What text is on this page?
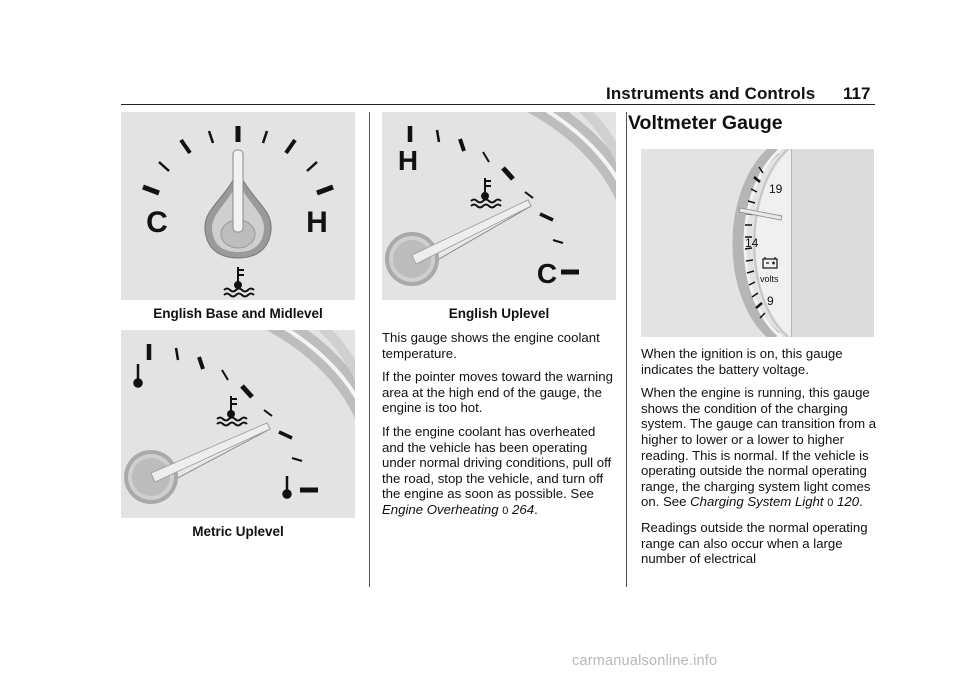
Instruments and Controls 117
C	H
English Base and Midlevel
Metric Uplevel
H
C
English Uplevel

This gauge shows the engine coolant temperature.

If the pointer moves toward the warning area at the high end of the gauge, the engine is too hot.

If the engine coolant has overheated and the vehicle has been operating under normal driving conditions, pull off the road, stop the vehicle, and turn off the engine as soon as possible. See Engine Overheating 0 264.

Voltmeter Gauge
19
14
9
volts

When the ignition is on, this gauge indicates the battery voltage.

When the engine is running, this gauge shows the condition of the charging system. The gauge can transition from a higher to lower or a lower to higher reading. This is normal. If the vehicle is operating outside the normal operating range, the charging system light comes on. See Charging System Light 0 120.

Readings outside the normal operating range can also occur when a large number of electrical

carmanualsonline.info
